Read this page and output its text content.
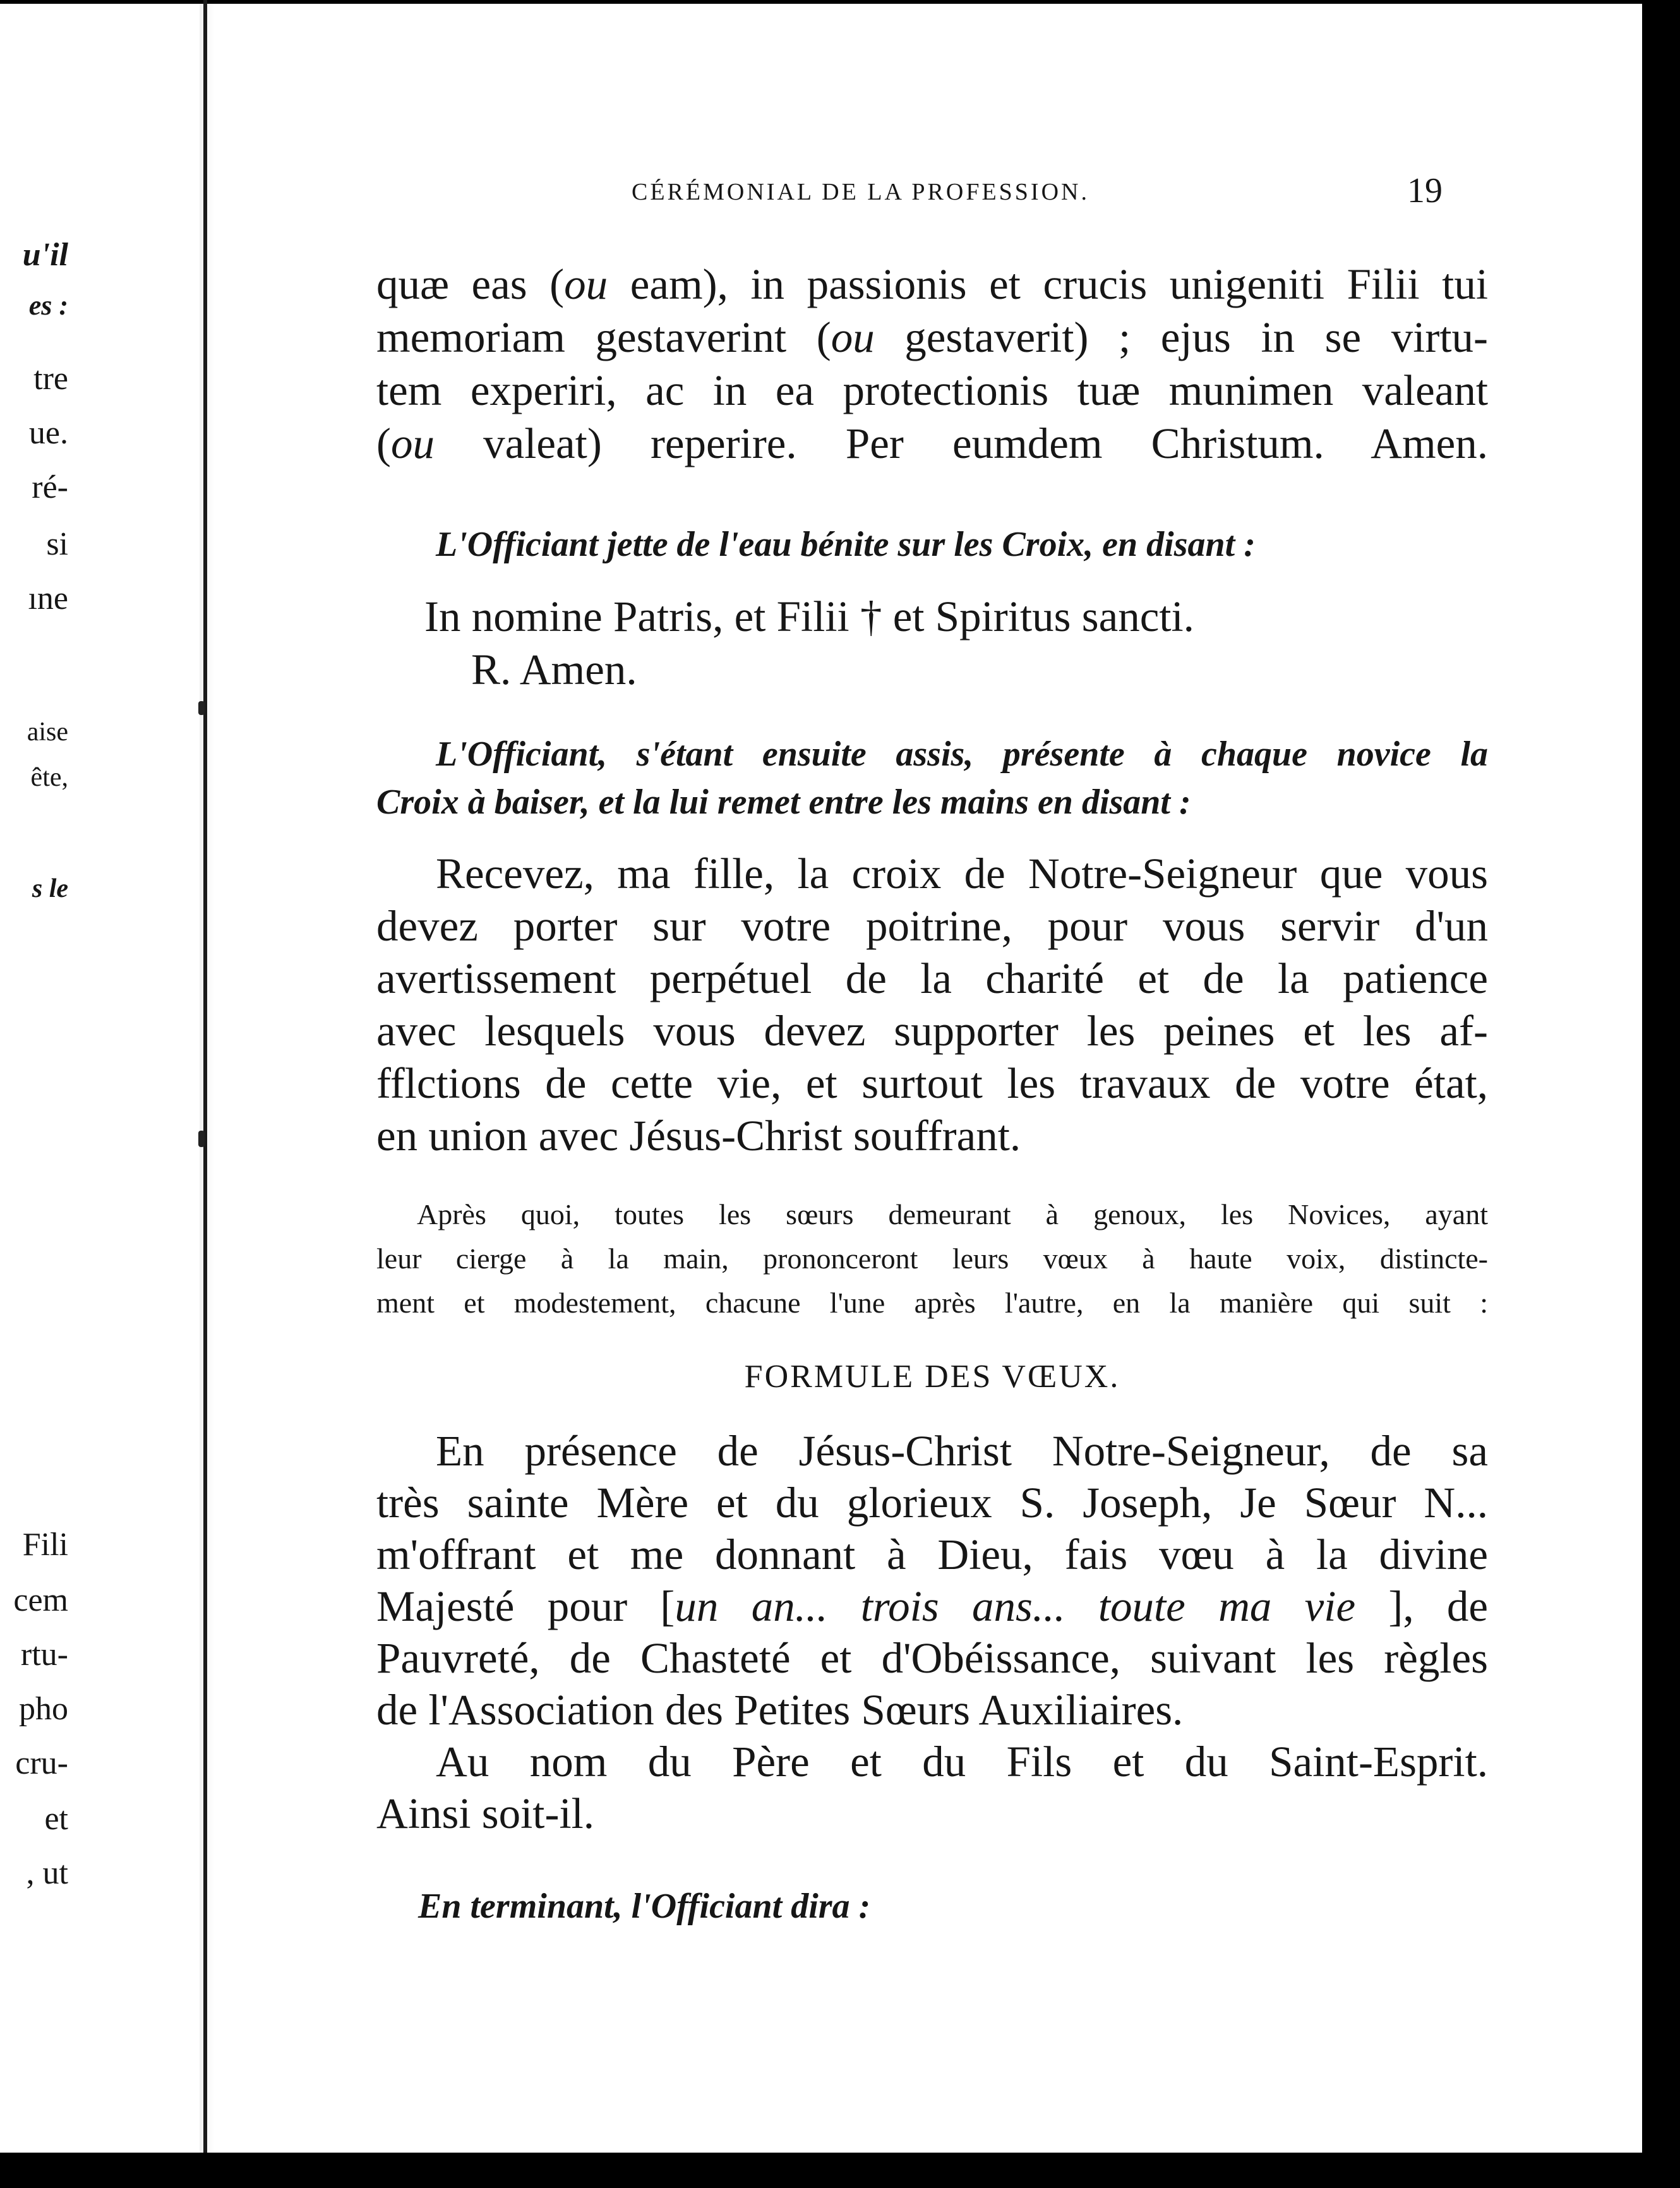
u'il
es :
tre
ue.
ré-
si
ıne
aise
ête,
s le
Fili
cem
rtu-
pho
cru-
et
, ut
CÉRÉMONIAL DE LA PROFESSION.	19
quæ eas (ou eam), in passionis et crucis unigeniti Filii tui
memoriam gestaverint (ou gestaverit) ; ejus in se virtu-
tem experiri, ac in ea protectionis tuæ munimen valeant
(ou valeat) reperire. Per eumdem Christum. Amen.
L'Officiant jette de l'eau bénite sur les Croix, en disant :
In nomine Patris, et Filii † et Spiritus sancti.
R. Amen.
L'Officiant, s'étant ensuite assis, présente à chaque novice la
Croix à baiser, et la lui remet entre les mains en disant :
Recevez, ma fille, la croix de Notre-Seigneur que vous
devez porter sur votre poitrine, pour vous servir d'un
avertissement perpétuel de la charité et de la patience
avec lesquels vous devez supporter les peines et les af-
fflctions de cette vie, et surtout les travaux de votre état,
en union avec Jésus-Christ souffrant.
Après quoi, toutes les sœurs demeurant à genoux, les Novices, ayant
leur cierge à la main, prononceront leurs vœux à haute voix, distincte-
ment et modestement, chacune l'une après l'autre, en la manière qui suit :
FORMULE DES VŒUX.
En présence de Jésus-Christ Notre-Seigneur, de sa
très sainte Mère et du glorieux S. Joseph, Je Sœur N...
m'offrant et me donnant à Dieu, fais vœu à la divine
Majesté pour [un an... trois ans... toute ma vie ], de
Pauvreté, de Chasteté et d'Obéissance, suivant les règles
de l'Association des Petites Sœurs Auxiliaires.
Au nom du Père et du Fils et du Saint-Esprit.
Ainsi soit-il.
En terminant, l'Officiant dira :
